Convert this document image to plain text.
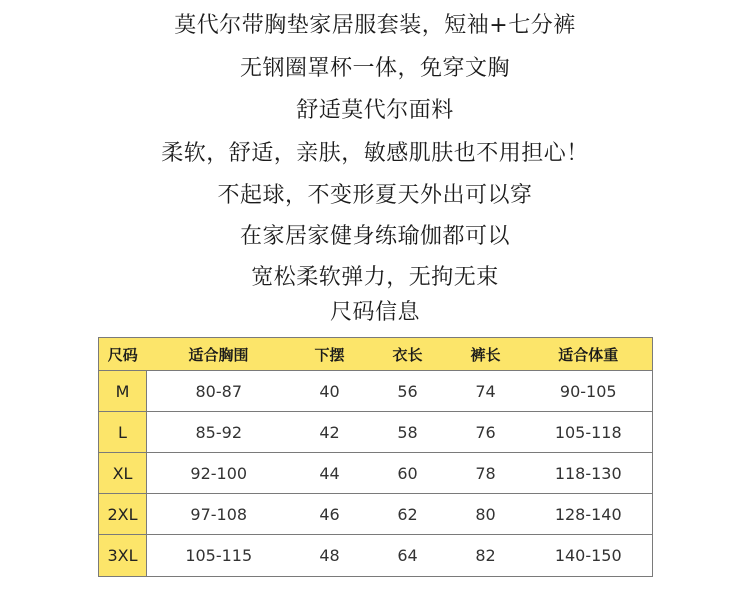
莫代尔带胸垫家居服套装，短袖+七分裤
无钢圈罩杯一体，免穿文胸
舒适莫代尔面料
柔软，舒适，亲肤，敏感肌肤也不用担心！
不起球，不变形夏天外出可以穿
在家居家健身练瑜伽都可以
宽松柔软弹力，无拘无束
尺码信息
尺码	适合胸围	下摆	衣长	裤长	适合体重
M	80-87	40	56	74	90-105
L	85-92	42	58	76	105-118
XL	92-100	44	60	78	118-130
2XL	97-108	46	62	80	128-140
3XL	105-115	48	64	82	140-150
